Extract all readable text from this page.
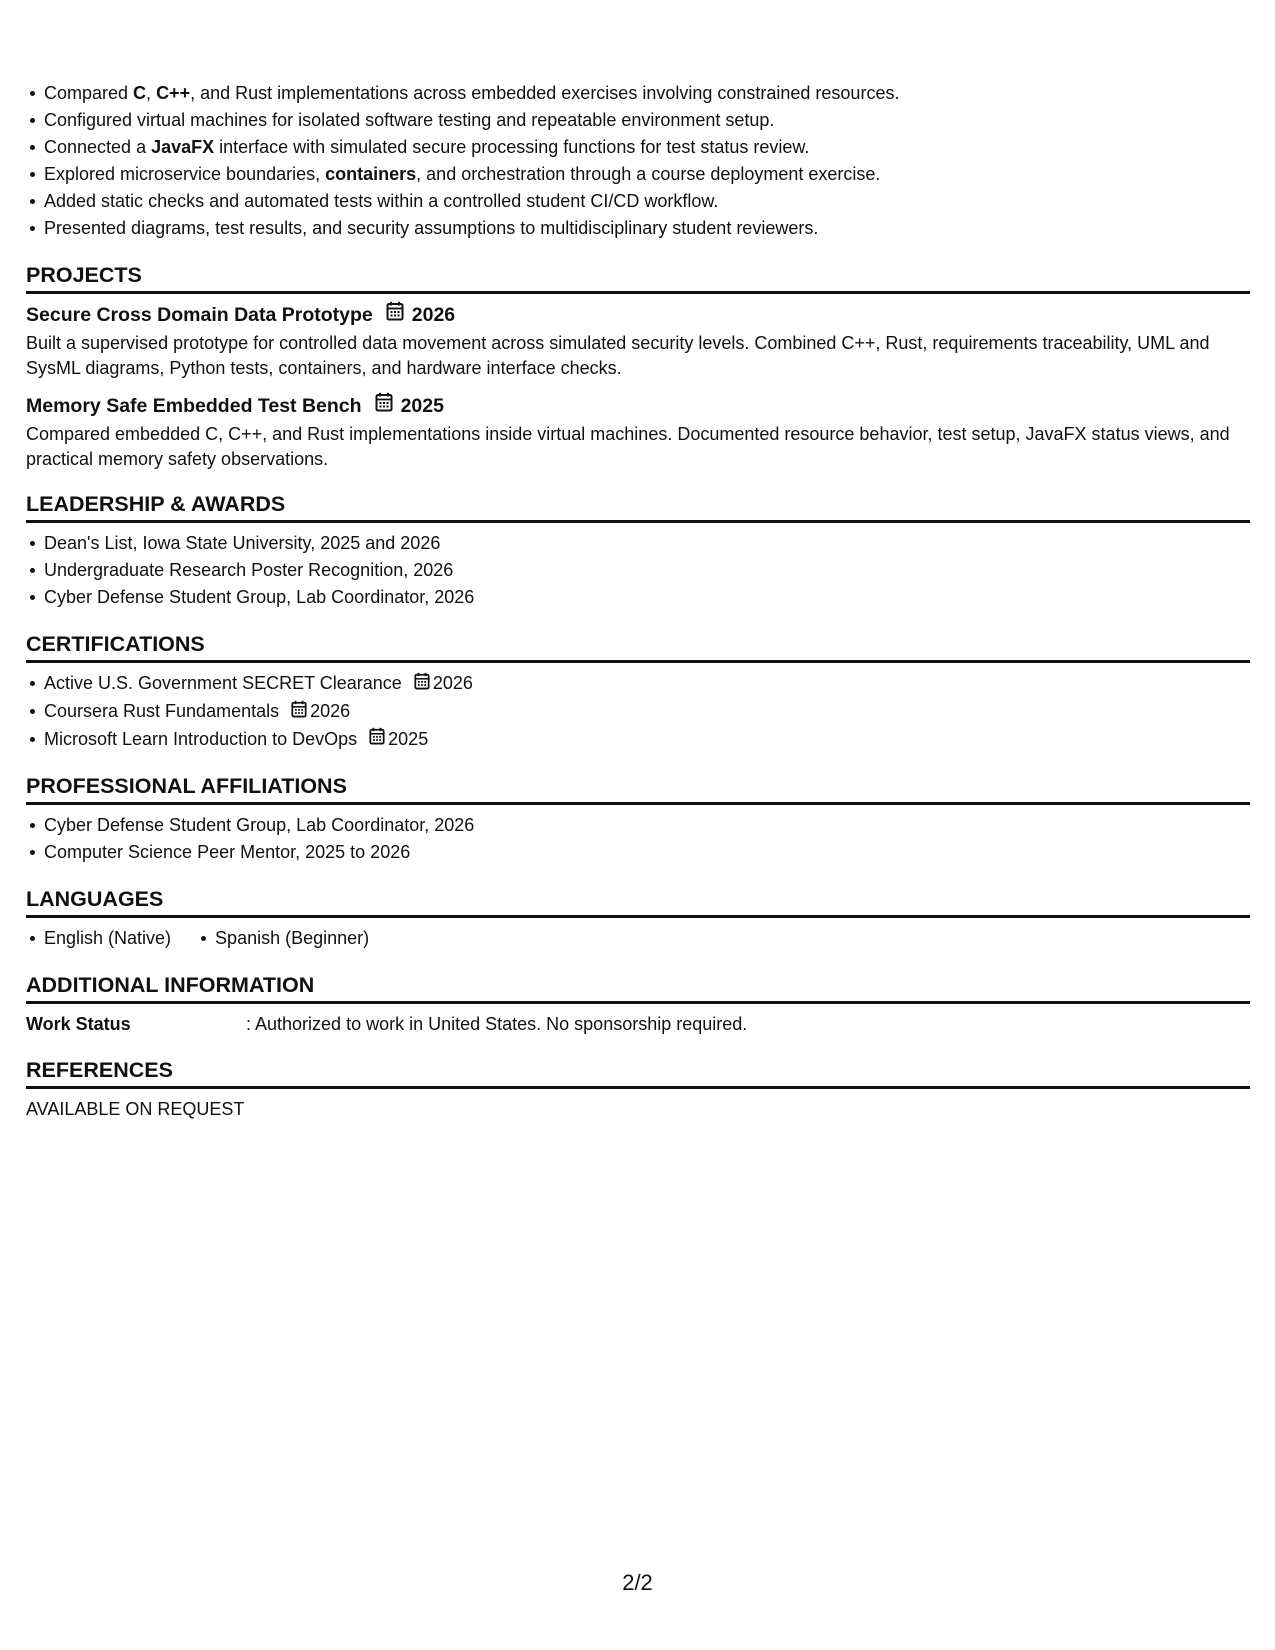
Compared C, C++, and Rust implementations across embedded exercises involving constrained resources.
Configured virtual machines for isolated software testing and repeatable environment setup.
Connected a JavaFX interface with simulated secure processing functions for test status review.
Explored microservice boundaries, containers, and orchestration through a course deployment exercise.
Added static checks and automated tests within a controlled student CI/CD workflow.
Presented diagrams, test results, and security assumptions to multidisciplinary student reviewers.
PROJECTS
Secure Cross Domain Data Prototype 2026
Built a supervised prototype for controlled data movement across simulated security levels. Combined C++, Rust, requirements traceability, UML and SysML diagrams, Python tests, containers, and hardware interface checks.
Memory Safe Embedded Test Bench 2025
Compared embedded C, C++, and Rust implementations inside virtual machines. Documented resource behavior, test setup, JavaFX status views, and practical memory safety observations.
LEADERSHIP & AWARDS
Dean's List, Iowa State University, 2025 and 2026
Undergraduate Research Poster Recognition, 2026
Cyber Defense Student Group, Lab Coordinator, 2026
CERTIFICATIONS
Active U.S. Government SECRET Clearance 2026
Coursera Rust Fundamentals 2026
Microsoft Learn Introduction to DevOps 2025
PROFESSIONAL AFFILIATIONS
Cyber Defense Student Group, Lab Coordinator, 2026
Computer Science Peer Mentor, 2025 to 2026
LANGUAGES
English (Native) Spanish (Beginner)
ADDITIONAL INFORMATION
Work Status	: Authorized to work in United States. No sponsorship required.
REFERENCES
AVAILABLE ON REQUEST
2/2
